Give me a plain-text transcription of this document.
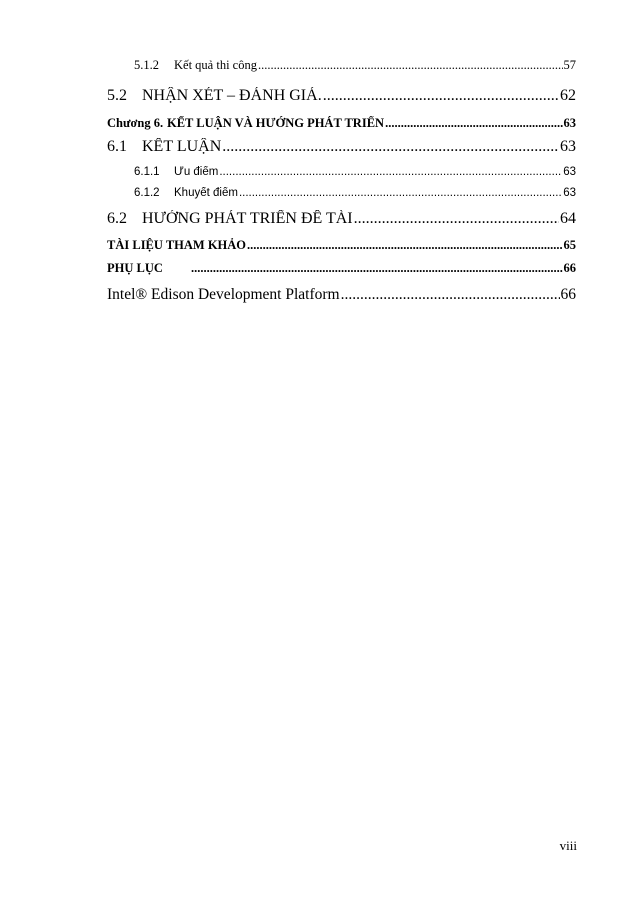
5.1.2	Kết quả thi công .....	57
5.2 NHẬN XÉT – ĐÁNH GIÁ. .....	62
Chương 6. KẾT LUẬN VÀ HƯỚNG PHÁT TRIỂN .....	63
6.1 KẾT LUẬN .....	63
6.1.1	Ưu điểm .....	63
6.1.2	Khuyết điểm .....	63
6.2 HƯỚNG PHÁT TRIỂN ĐỀ TÀI .....	64
TÀI LIỆU THAM KHẢO .....	65
PHỤ LỤC .....	66
Intel® Edison Development Platform .....	66
viii
